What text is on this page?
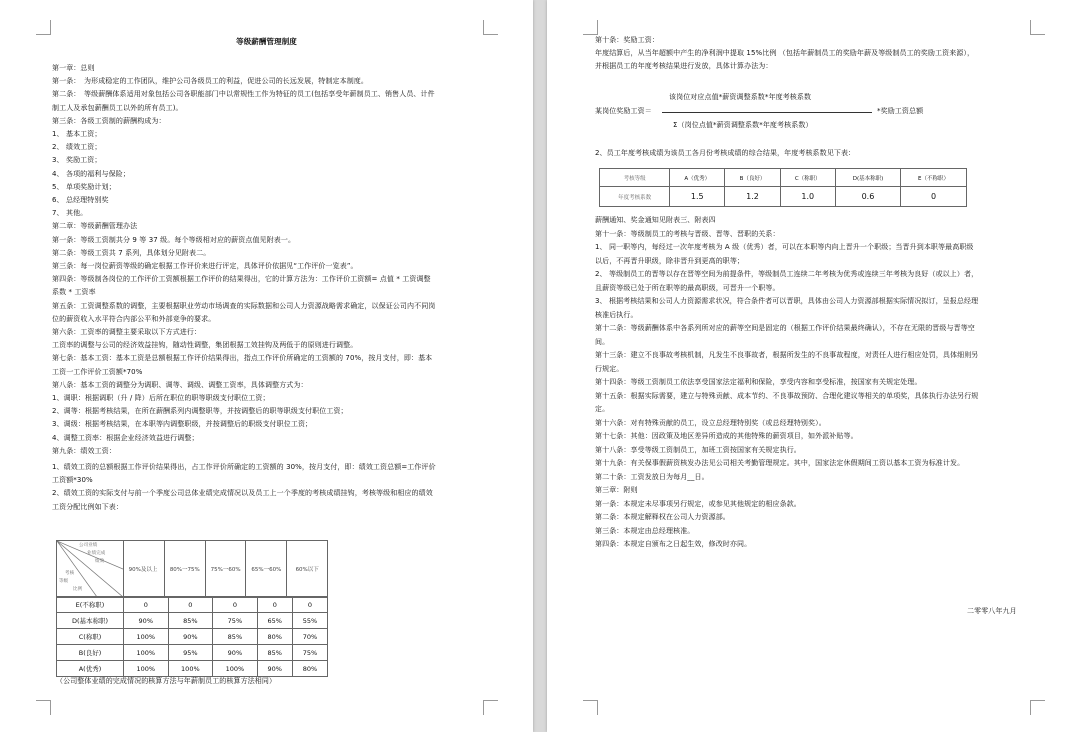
等级薪酬管理制度
第一章：总则
第一条：　为形成稳定的工作团队，维护公司各级员工的利益，促进公司的长远发展，特制定本制度。
第二条：　等级薪酬体系适用对象包括公司各职能部门中以常规性工作为特征的员工(包括享受年薪制员工、销售人员、计件
制工人及承包薪酬员工以外的所有员工)。
第三条：各级工资制的薪酬构成为：
1、 基本工资；
2、 绩效工资；
3、 奖励工资；
4、 各项的福利与保险；
5、 单项奖励计划；
6、 总经理特别奖
7、 其他。
第二章：等级薪酬管理办法
第一条：等级工资制共分 9 等 37 级。每个等级相对应的薪资点值见附表一。
第二条：等级工资共 7 系列，具体划分见附表二。
第三条：每一岗位薪资等级的确定根据工作评价来进行评定，具体评价依据见“工作评价一览表”。
第四条：等级制各岗位的工作评价工资额根据工作评价的结果得出，它的计算方法为：工作评价工资额= 点值 * 工资调整
系数 * 工资率
第五条：工资调整系数的调整，主要根据职业劳动市场调查的实际数据和公司人力资源战略需求确定，以保证公司内不同岗
位的薪资收入水平符合内部公平和外部竞争的要求。
第六条：工资率的调整主要采取以下方式进行：
工资率的调整与公司的经济效益挂钩，随动性调整，集团根据工效挂钩及两低于的原则进行调整。
第七条：基本工资：基本工资是总额根据工作评价结果得出，指点工作评价所确定的工资额的 70%，按月支付，即：基本
工资一工作评价工资额*70%
第八条：基本工资的调整分为调职、调等、调级、调整工资率，具体调整方式为：
1、调职：根据调职（升 / 降）后所在职位的职等职级支付职位工资；
2、调等：根据考核结果，在所在薪酬系列内调整职等，并按调整后的职等职级支付职位工资；
3、调级：根据考核结果，在本职等内调整职级，并按调整后的职级支付职位工资；
4、调整工资率：根据企业经济效益进行调整；
第九条：绩效工资：
1、绩效工资的总额根据工作评价结果得出，占工作评价所确定的工资额的 30%，按月支付，即：绩效工资总额=工作评价
工资额*30%
2、绩效工资的实际支付与前一个季度公司总体业绩完成情况以及员工上一个季度的考核成绩挂钩，考核等级和相应的绩效
工资分配比例如下表：
公司业绩
业绩完成
绩效
考核
等级
比例
90%及以上	80%一75%	75%一60%	65%一60%	60%以下
E(不称职)	0	0	0	0	0
D(基本称职)	90%	85%	75%	65%	55%
C(称职)	100%	90%	85%	80%	70%
B(良好)	100%	95%	90%	85%	75%
A(优秀)	100%	100%	100%	90%	80%
（公司整体业绩的完成情况的核算方法与年薪制员工的核算方法相同）
第十条：奖励工资：
年度结算后，从当年超额中产生的净利润中提取 15%比例 （包括年薪制员工的奖励年薪及等级制员工的奖励工资来源），
并根据员工的年度考核结果进行发放，具体计算办法为：
该岗位对应点值*薪资调整系数*年度考核系数
某岗位奖励工资＝	*奖励工资总额
Σ（岗位点值*薪资调整系数*年度考核系数）
2、员工年度考核成绩为该员工各月份考核成绩的综合结果，年度考核系数见下表：
考核等级	A（优秀）	B（良好）	C（称职）	D(基本称职)	E（不称职）
年度考核系数	1.5	1.2	1.0	0.6	0
薪酬通知、奖金通知见附表三、附表四
第十一条：等级制员工的考核与晋级、晋等、晋职的关系：
1、 同一职等内，每经过一次年度考核为 A 级（优秀）者，可以在本职等内向上晋升一个职级；当晋升到本职等最高职级
以后，不再晋升职级，除非晋升到更高的职等；
2、 等级制员工的晋等以存在晋等空间为前提条件，等级制员工连续二年考核为优秀或连续三年考核为良好（或以上）者，
且薪资等级已处于所在职等的最高职级，可晋升一个职等。
3、 根据考核结果和公司人力资源需求状况，符合条件者可以晋职，具体由公司人力资源部根据实际情况拟订，呈报总经理
核准后执行。
第十二条：等级薪酬体系中各系列所对应的薪等空间是固定的（根据工作评价结果最终确认），不存在无限的晋级与晋等空
间。
第十三条：建立不良事故考核机制，凡发生不良事故者，根据所发生的不良事故程度，对责任人进行相应处罚，具体细则另
行规定。
第十四条：等级工资制员工依法享受国家法定福利和保险，享受内容和享受标准，按国家有关规定处理。
第十五条：根据实际需要，建立与特殊贡献、成本节约、不良事故预防、合理化建议等相关的单项奖，具体执行办法另行规
定。
第十六条：对有特殊贡献的员工，设立总经理特别奖（或总经理特别奖）。
第十七条：其他：因政策及地区差异所造成的其他特殊的薪资项目，如外派补贴等。
第十八条：享受等级工资制员工，加班工资按国家有关规定执行。
第十九条：有关保事假薪资核发办法见公司相关考勤管理规定。其中，国家法定休假期间工资以基本工资为标准计发。
第二十条：工资发放日为每月__日。
第三章：附则
第一条：本规定未尽事项另行规定，或参见其他规定的相应条款。
第二条：本规定解释权在公司人力资源部。
第三条：本规定由总经理核准。
第四条：本规定自颁布之日起生效，修改时亦同。
二零零八年九月
